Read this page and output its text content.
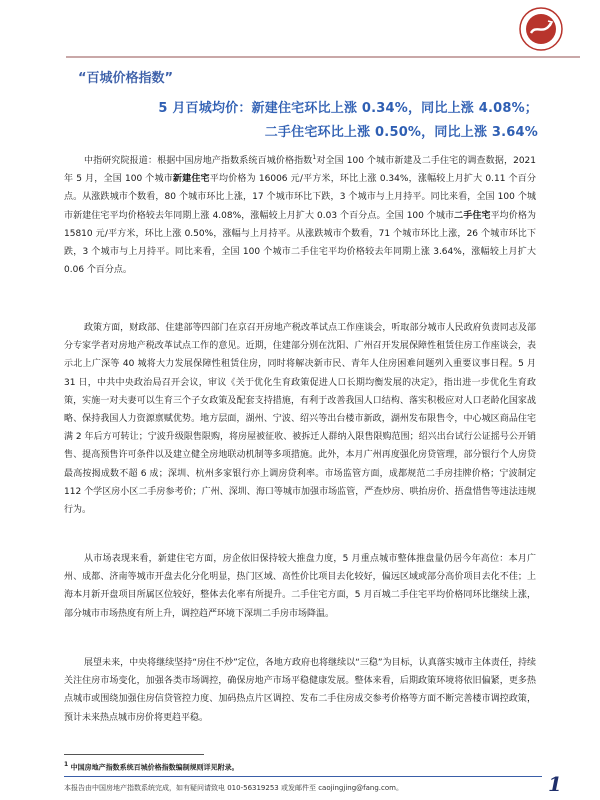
“百城价格指数”
5 月百城均价：新建住宅环比上涨 0.34%，同比上涨 4.08%；
二手住宅环比上涨 0.50%，同比上涨 3.64%
中指研究院报道：根据中国房地产指数系统百城价格指数$^1$对全国 100 个城市新建及二手住宅的调查数据，2021 年 5 月，全国 100 个城市新建住宅平均价格为 16006 元/平方米，环比上涨 0.34%，涨幅较上月扩大 0.11 个百分点。从涨跌城市个数看，80 个城市环比上涨，17 个城市环比下跌，3 个城市与上月持平。同比来看，全国 100 个城市新建住宅平均价格较去年同期上涨 4.08%，涨幅较上月扩大 0.03 个百分点。全国 100 个城市二手住宅平均价格为 15810 元/平方米，环比上涨 0.50%，涨幅与上月持平。从涨跌城市个数看，71 个城市环比上涨，26 个城市环比下跌，3 个城市与上月持平。同比来看，全国 100 个城市二手住宅平均价格较去年同期上涨 3.64%，涨幅较上月扩大 0.06 个百分点。
政策方面，财政部、住建部等四部门在京召开房地产税改革试点工作座谈会，听取部分城市人民政府负责同志及部分专家学者对房地产税改革试点工作的意见。近期，住建部分别在沈阳、广州召开发展保障性租赁住房工作座谈会，表示北上广深等 40 城将大力发展保障性租赁住房，同时将解决新市民、青年人住房困难问题列入重要议事日程。5 月 31 日，中共中央政治局召开会议，审议《关于优化生育政策促进人口长期均衡发展的决定》，指出进一步优化生育政策，实施一对夫妻可以生育三个子女政策及配套支持措施，有利于改善我国人口结构、落实积极应对人口老龄化国家战略、保持我国人力资源禀赋优势。地方层面，湖州、宁波、绍兴等出台楼市新政，湖州发布限售令，中心城区商品住宅满 2 年后方可转让；宁波升级限售限购，将房屋被征收、被拆迁人群纳入限售限购范围；绍兴出台试行公证摇号公开销售、提高预售许可条件以及建立健全房地联动机制等多项措施。此外，本月广州再度强化房贷管理，部分银行个人房贷最高按揭成数不超 6 成；深圳、杭州多家银行亦上调房贷利率。市场监管方面，成都规范二手房挂牌价格；宁波制定 112 个学区房小区二手房参考价；广州、深圳、海口等城市加强市场监管，严查炒房、哄抬房价、捂盘惜售等违法违规行为。
从市场表现来看，新建住宅方面，房企依旧保持较大推盘力度，5 月重点城市整体推盘量仍居今年高位：本月广州、成都、济南等城市开盘去化分化明显，热门区域、高性价比项目去化较好，偏远区域或部分高价项目去化不佳；上海本月新开盘项目所属区位较好，整体去化率有所提升。二手住宅方面，5 月百城二手住宅平均价格同环比继续上涨，部分城市市场热度有所上升，调控趋严环境下深圳二手房市场降温。
展望未来，中央将继续坚持“房住不炒”定位，各地方政府也将继续以“三稳”为目标，认真落实城市主体责任，持续关注住房市场变化，加强各类市场调控，确保房地产市场平稳健康发展。整体来看，后期政策环境将依旧偏紧，更多热点城市或围绕加强住房信贷管控力度、加码热点片区调控、发布二手住房成交参考价格等方面不断完善楼市调控政策，预计未来热点城市房价将更趋平稳。
$^1$ 中国房地产指数系统百城价格指数编制规则详见附录。
本报告由中国房地产指数系统完成，如有疑问请致电 010-56319253 或发邮件至 caojingjing@fang.com。	1
